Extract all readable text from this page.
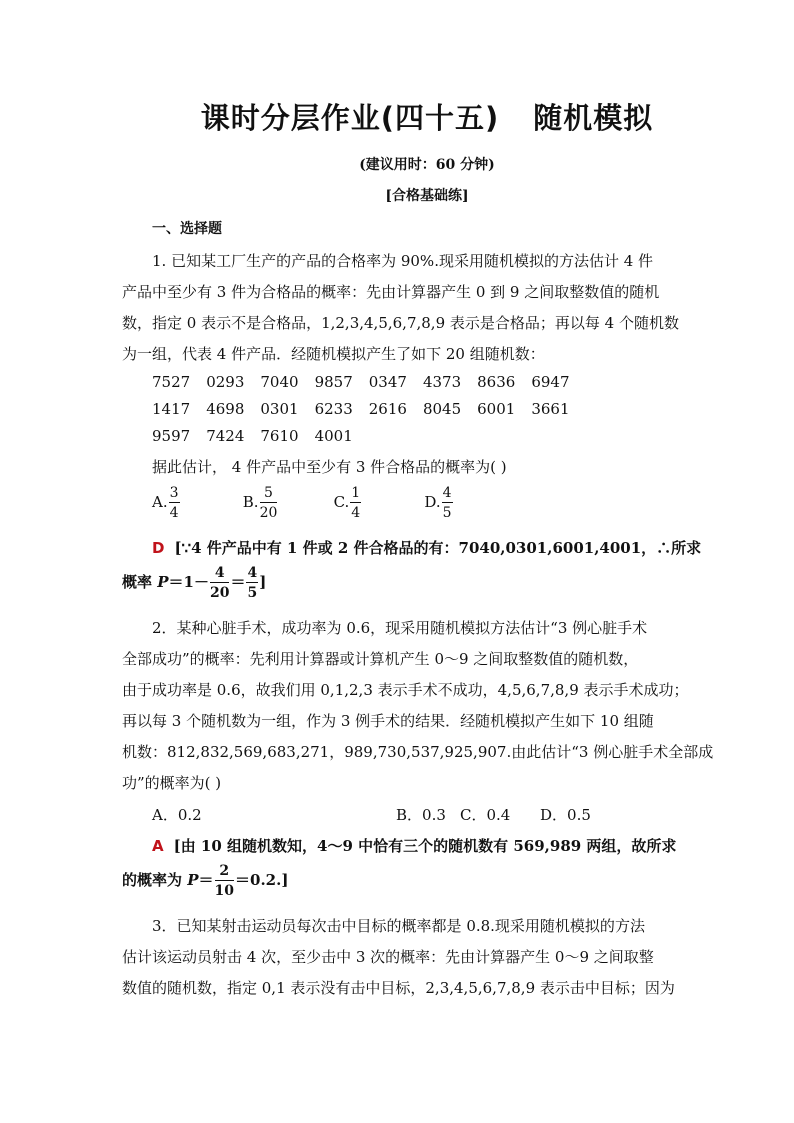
课时分层作业(四十五) 随机模拟
(建议用时：60 分钟)
[合格基础练]
一、选择题
1. 已知某工厂生产的产品的合格率为 90%.现采用随机模拟的方法估计 4 件
产品中至少有 3 件为合格品的概率：先由计算器产生 0 到 9 之间取整数值的随机
数，指定 0 表示不是合格品，1,2,3,4,5,6,7,8,9 表示是合格品；再以每 4 个随机数
为一组，代表 4 件产品．经随机模拟产生了如下 20 组随机数：
7527 0293 7040 9857 0347 4373 8636 6947
1417 4698 0301 6233 2616 8045 6001 3661
9597 7424 7610 4001
据此估计， 4 件产品中至少有 3 件合格品的概率为( )
A. $\frac{3}{4}$	B. $\frac{5}{20}$	C. $\frac{1}{4}$	D. $\frac{4}{5}$
D [∵4 件产品中有 1 件或 2 件合格品的有：7040,0301,6001,4001，∴所求
概率 $P=1- \frac{4}{20} = \frac{4}{5}$ ]
2．某种心脏手术，成功率为 0.6，现采用随机模拟方法估计“3 例心脏手术
全部成功”的概率：先利用计算器或计算机产生 0～9 之间取整数值的随机数，
由于成功率是 0.6，故我们用 0,1,2,3 表示手术不成功，4,5,6,7,8,9 表示手术成功；
再以每 3 个随机数为一组，作为 3 例手术的结果．经随机模拟产生如下 10 组随
机数：812,832,569,683,271，989,730,537,925,907.由此估计“3 例心脏手术全部成
功”的概率为( )
A．0.2	B．0.3 C．0.4 D．0.5
A [由 10 组随机数知，4～9 中恰有三个的随机数有 569,989 两组，故所求
的概率为 $P= \frac{2}{10} =0.2$.]
3．已知某射击运动员每次击中目标的概率都是 0.8.现采用随机模拟的方法
估计该运动员射击 4 次，至少击中 3 次的概率：先由计算器产生 0～9 之间取整
数值的随机数，指定 0,1 表示没有击中目标，2,3,4,5,6,7,8,9 表示击中目标；因为
